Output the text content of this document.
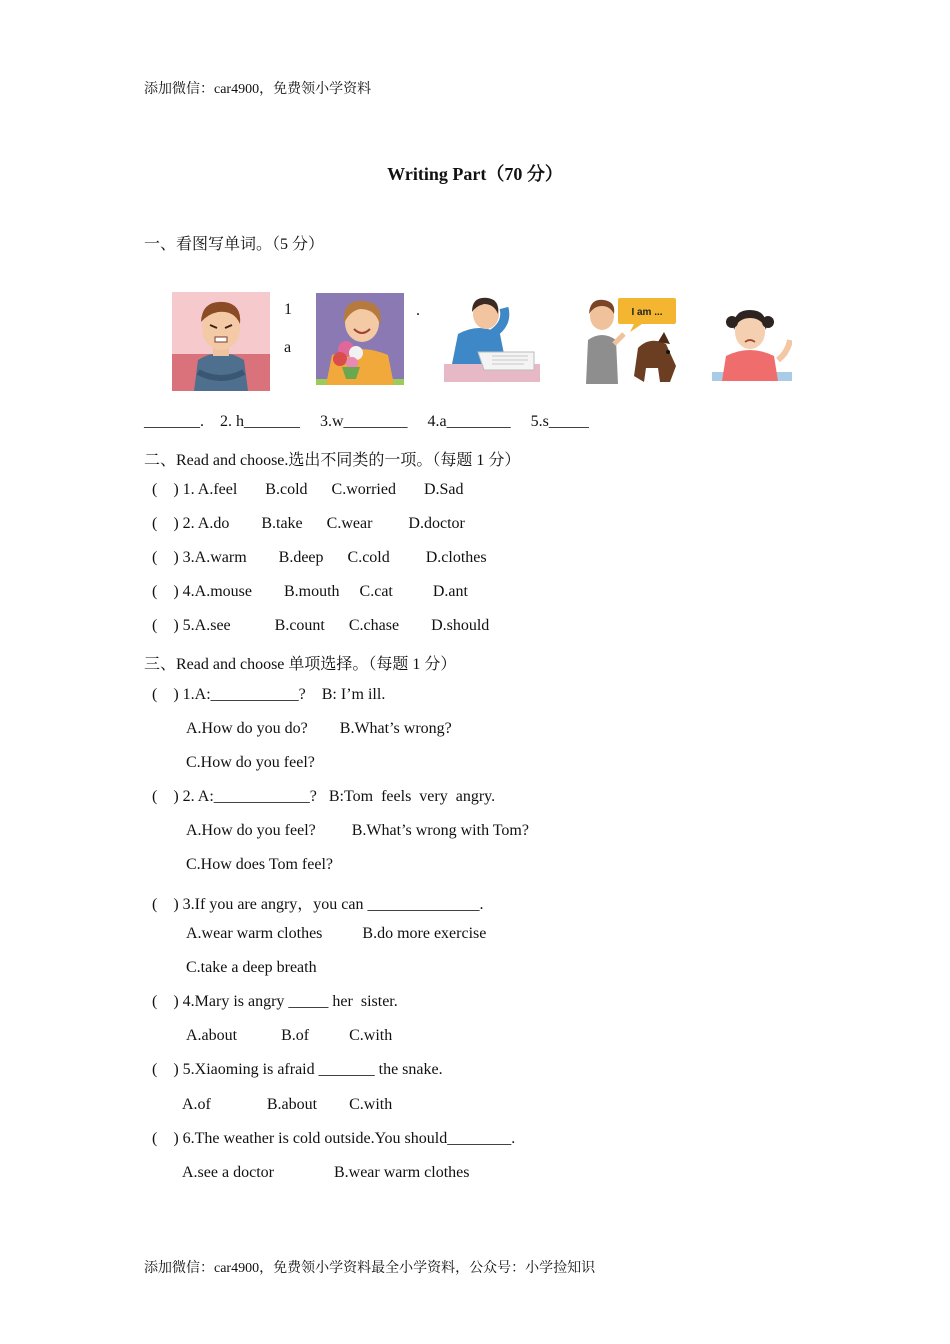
添加微信：car4900，免费领小学资料
Writing Part（70 分）
一、看图写单词。（5 分）
1
a
.	I am ...
_______.    2. h_______     3.w________     4.a________     5.s_____
二、Read and choose.选出不同类的一项。（每题 1 分）
(    ) 1. A.feel       B.cold      C.worried       D.Sad
(    ) 2. A.do        B.take      C.wear         D.doctor
(    ) 3.A.warm        B.deep      C.cold         D.clothes
(    ) 4.A.mouse        B.mouth     C.cat          D.ant
(    ) 5.A.see           B.count      C.chase        D.should
三、Read and choose 单项选择。（每题 1 分）
(    ) 1.A:___________?    B: I’m ill.
A.How do you do?        B.What’s wrong?
C.How do you feel?
(    ) 2. A:____________?   B:Tom  feels  very  angry.
A.How do you feel?         B.What’s wrong with Tom?
C.How does Tom feel?
(    ) 3.If you are angry，you can ______________.
A.wear warm clothes          B.do more exercise
C.take a deep breath
(    ) 4.Mary is angry _____ her  sister.
A.about           B.of          C.with
(    ) 5.Xiaoming is afraid _______ the snake.
A.of              B.about        C.with
(    ) 6.The weather is cold outside.You should________.
A.see a doctor               B.wear warm clothes
添加微信：car4900，免费领小学资料最全小学资料，公众号：小学捡知识
